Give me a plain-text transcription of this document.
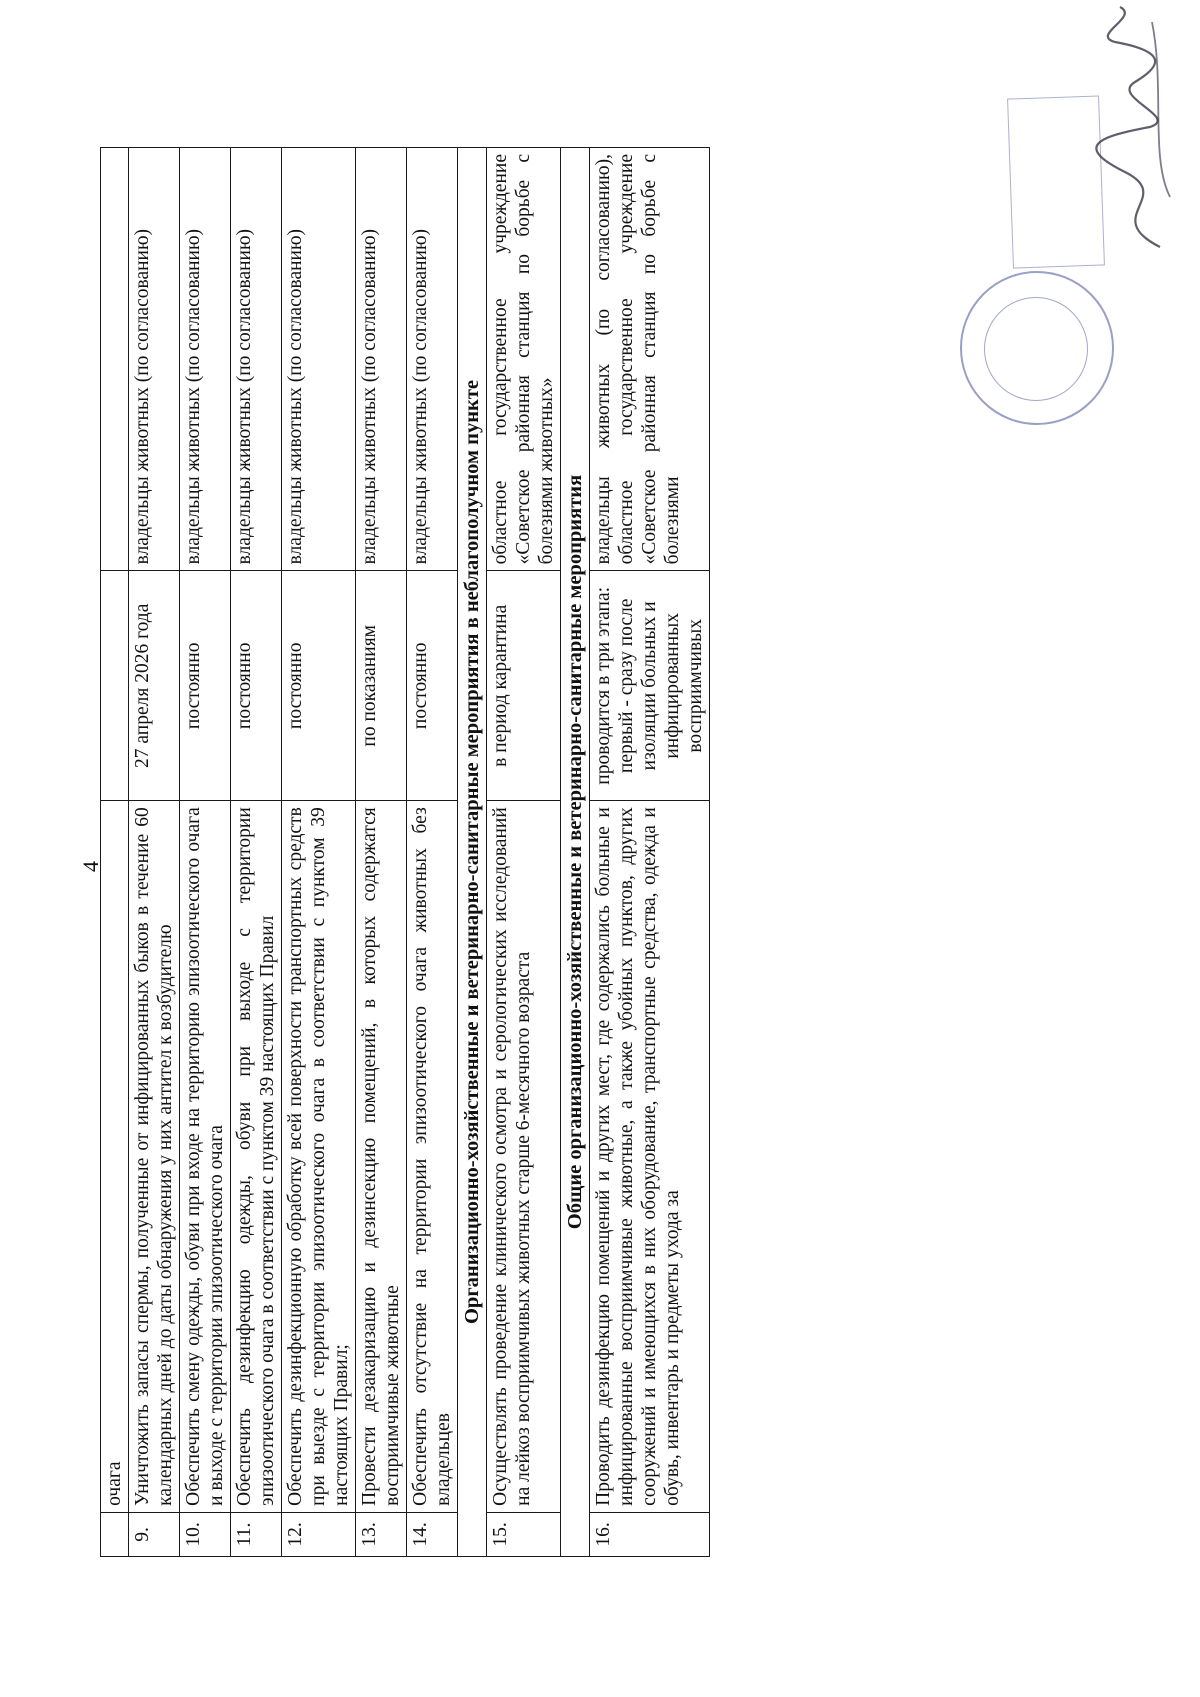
4
	очага		
9.	Уничтожить запасы спермы, полученные от инфицированных быков в течение 60 календарных дней до даты обнаружения у них антител к возбудителю	27 апреля 2026 года	владельцы животных (по согласованию)
10.	Обеспечить смену одежды, обуви при входе на территорию эпизоотического очага и выходе с территории эпизоотического очага	постоянно	владельцы животных (по согласованию)
11.	Обеспечить дезинфекцию одежды, обуви при выходе с территории эпизоотического очага в соответствии с пунктом 39 настоящих Правил	постоянно	владельцы животных (по согласованию)
12.	Обеспечить дезинфекционную обработку всей поверхности транспортных средств при выезде с территории эпизоотического очага в соответствии с пунктом 39 настоящих Правил;	постоянно	владельцы животных (по согласованию)
13.	Провести дезакаризацию и дезинсекцию помещений, в которых содержатся восприимчивые животные	по показаниям	владельцы животных (по согласованию)
14.	Обеспечить отсутствие на территории эпизоотического очага животных без владельцев	постоянно	владельцы животных (по согласованию)
Организационно-хозяйственные и ветеринарно-санитарные мероприятия в неблагополучном пункте			
15.	Осуществлять проведение клинического осмотра и серологических исследований на лейкоз восприимчивых животных старше 6-месячного возраста	в период карантина	областное государственное учреждение «Советское районная станция по борьбе с болезнями животных»
Общие организационно-хозяйственные и ветеринарно-санитарные мероприятия			
16.	Проводить дезинфекцию помещений и других мест, где содержались больные и инфицированные восприимчивые животные, а также убойных пунктов, других сооружений и имеющихся в них оборудование, транспортные средства, одежда и обувь, инвентарь и предметы ухода за	проводится в три этапа: первый - сразу после изоляции больных и инфицированных восприимчивых	владельцы животных (по согласованию), областное государственное учреждение «Советское районная станция по борьбе с болезнями
